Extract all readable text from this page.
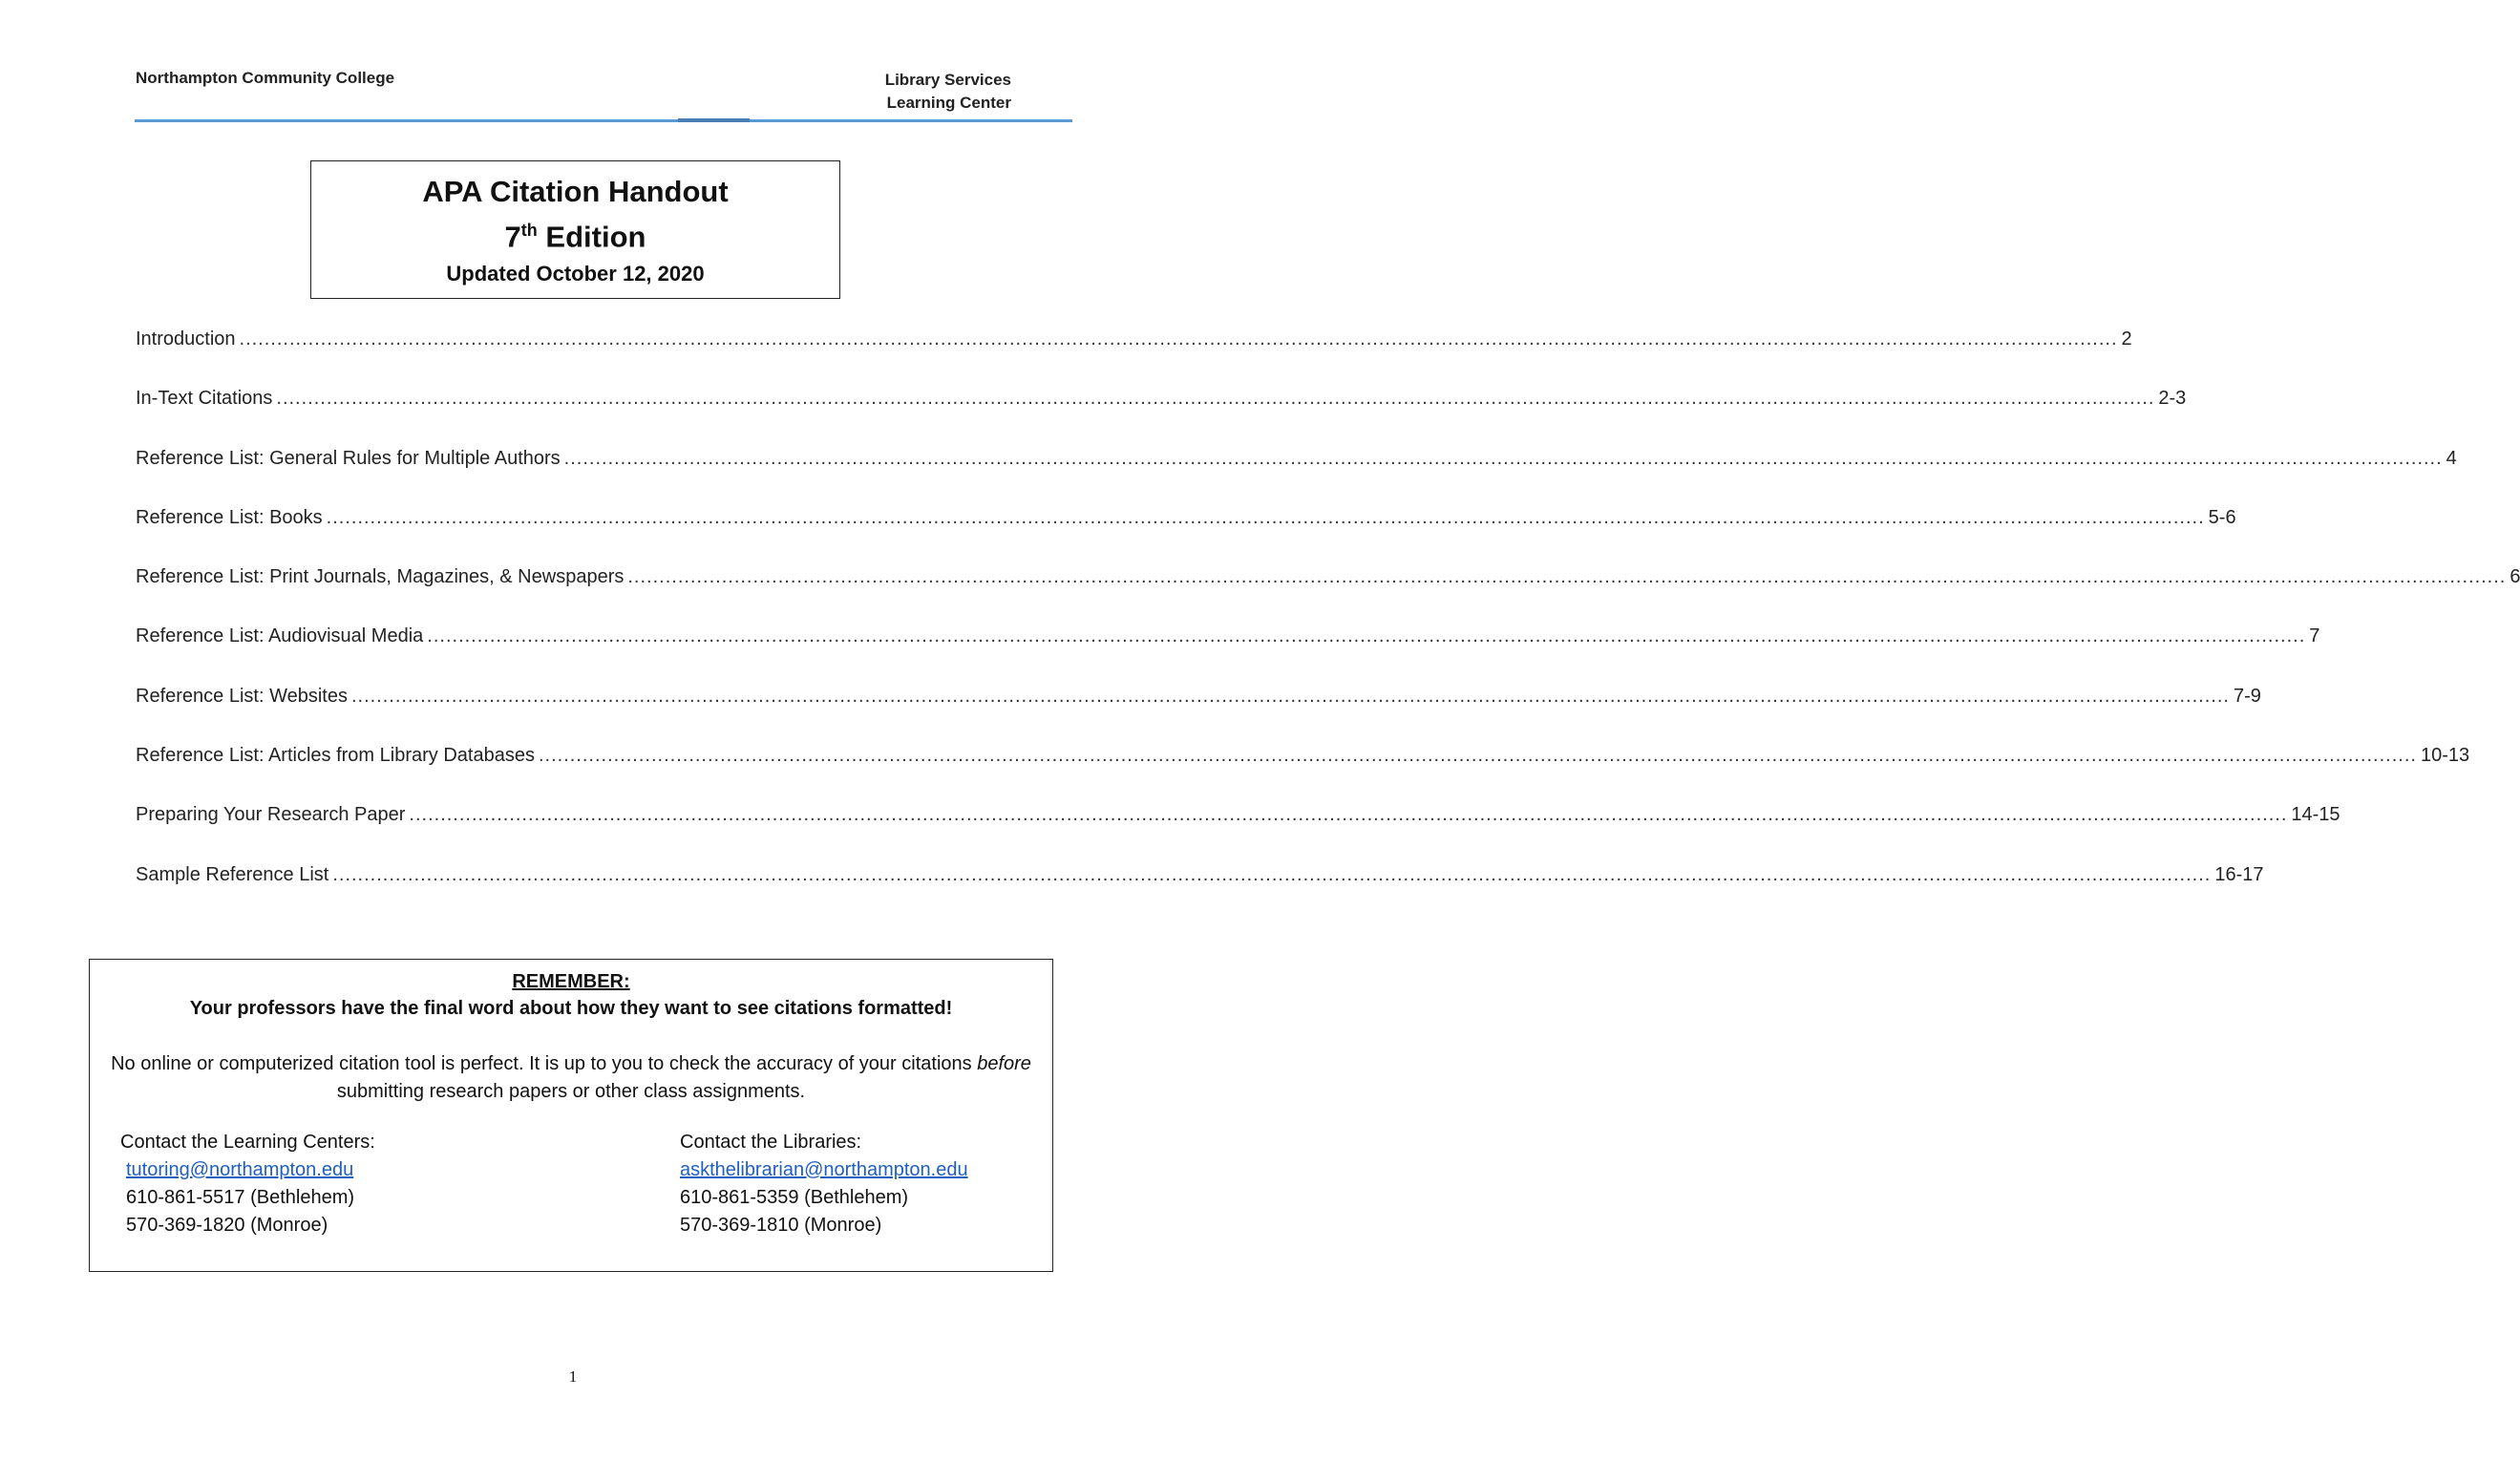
Northampton Community College	Library Services
Learning Center
APA Citation Handout
7th Edition
Updated October 12, 2020
Introduction ............................................................................................................................................................................................................................................................................................................ 2
In-Text Citations ............................................................................................................................................................................................................................................................................................................ 2-3
Reference List: General Rules for Multiple Authors ............................................................................................................................................................................................................................................................................................................ 4
Reference List: Books ............................................................................................................................................................................................................................................................................................................ 5-6
Reference List: Print Journals, Magazines, & Newspapers ............................................................................................................................................................................................................................................................................................................ 6
Reference List: Audiovisual Media ............................................................................................................................................................................................................................................................................................................ 7
Reference List: Websites ............................................................................................................................................................................................................................................................................................................ 7-9
Reference List: Articles from Library Databases ............................................................................................................................................................................................................................................................................................................ 10-13
Preparing Your Research Paper ............................................................................................................................................................................................................................................................................................................ 14-15
Sample Reference List ............................................................................................................................................................................................................................................................................................................ 16-17
REMEMBER:
Your professors have the final word about how they want to see citations formatted!
No online or computerized citation tool is perfect. It is up to you to check the accuracy of your citations before submitting research papers or other class assignments.
Contact the Learning Centers:
tutoring@northampton.edu
610-861-5517 (Bethlehem)
570-369-1820 (Monroe)
Contact the Libraries:
askthelibrarian@northampton.edu
610-861-5359 (Bethlehem)
570-369-1810 (Monroe)
1
